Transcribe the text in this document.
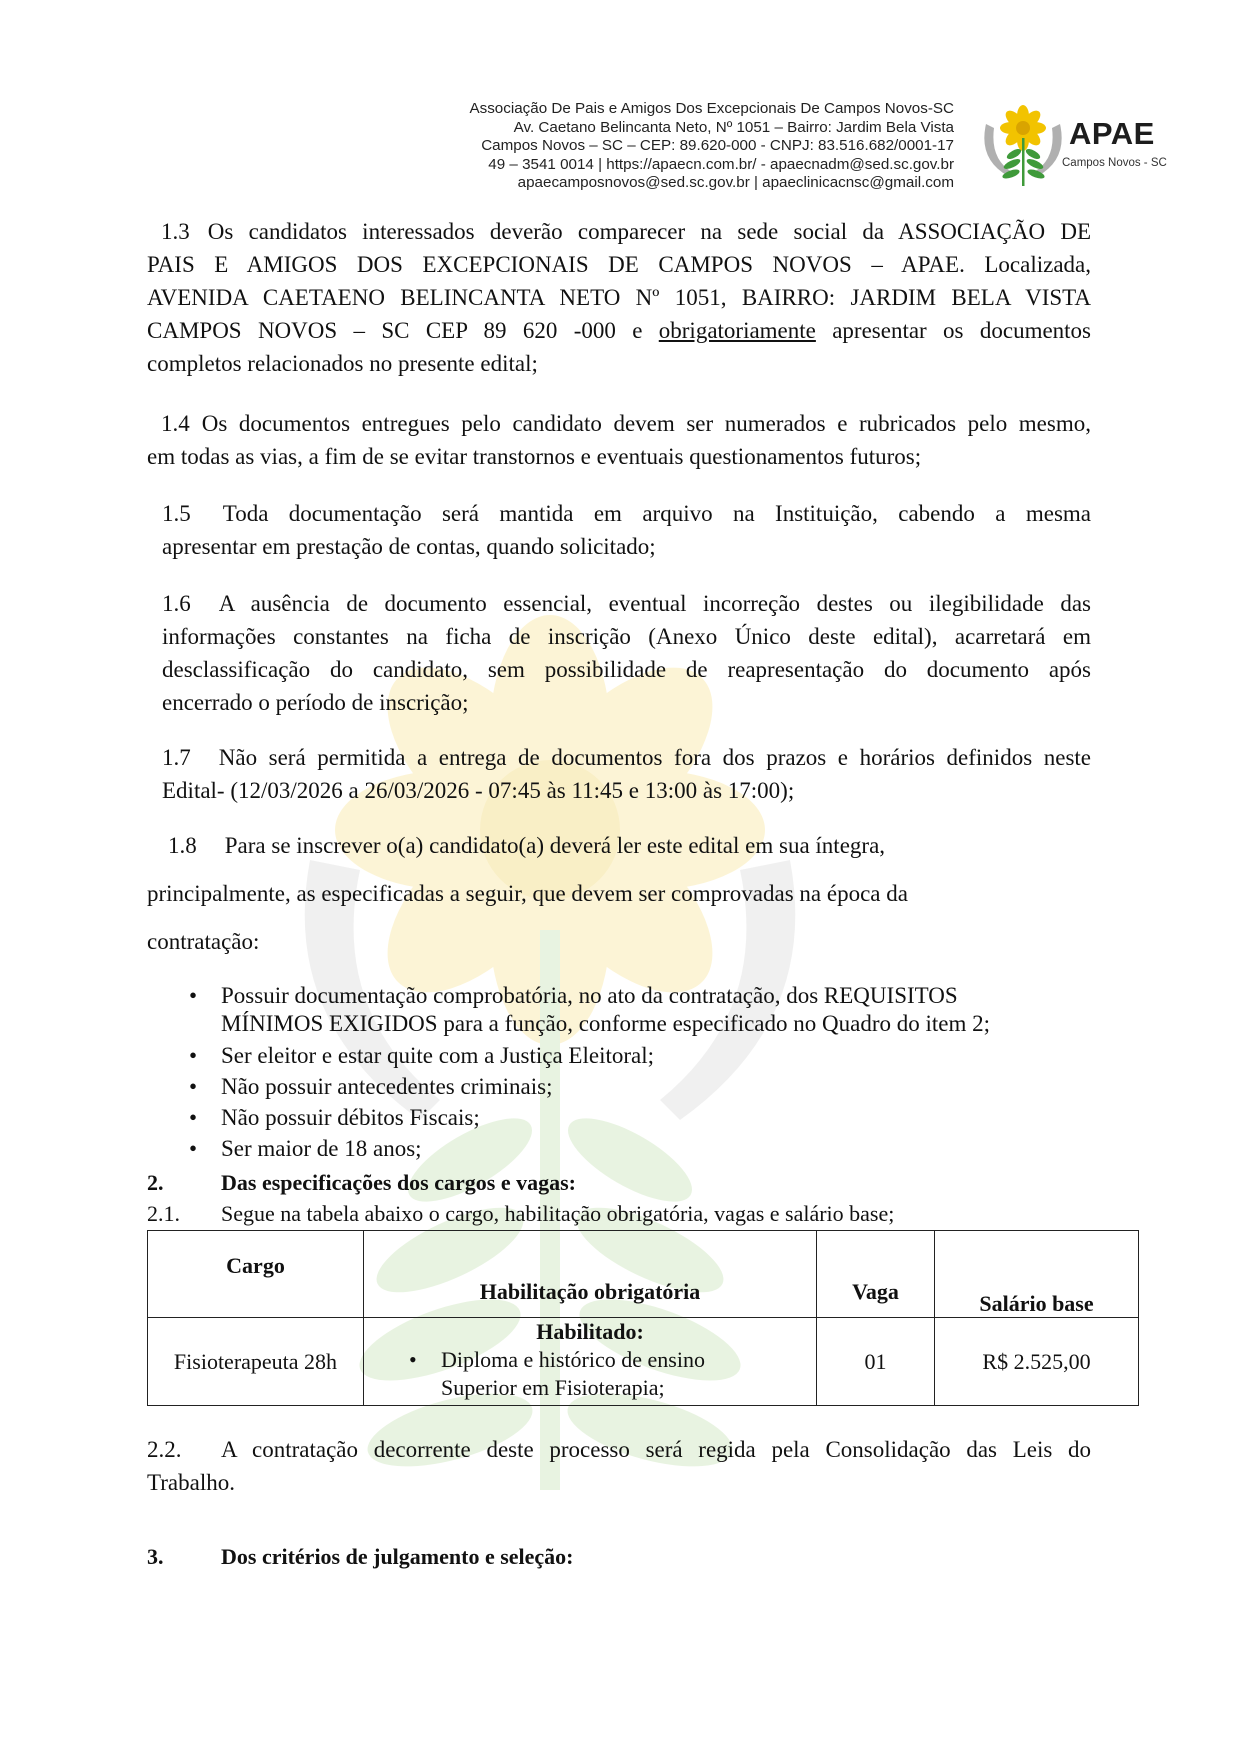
Associação De Pais e Amigos Dos Excepcionais De Campos Novos-SC
Av. Caetano Belincanta Neto, Nº 1051 – Bairro: Jardim Bela Vista
Campos Novos – SC – CEP: 89.620-000 - CNPJ: 83.516.682/0001-17
49 – 3541 0014 | https://apaecn.com.br/ - apaecnadm@sed.sc.gov.br
apaecamposnovos@sed.sc.gov.br | apaeclinicacnsc@gmail.com
APAE
Campos Novos - SC
1.3 Os candidatos interessados deverão comparecer na sede social da ASSOCIAÇÃO DE
PAIS E AMIGOS DOS EXCEPCIONAIS DE CAMPOS NOVOS – APAE. Localizada,
AVENIDA CAETAENO BELINCANTA NETO Nº 1051, BAIRRO: JARDIM BELA VISTA
CAMPOS NOVOS – SC CEP 89 620 -000 e obrigatoriamente apresentar os documentos
completos relacionados no presente edital;
1.4 Os documentos entregues pelo candidato devem ser numerados e rubricados pelo mesmo,
em todas as vias, a fim de se evitar transtornos e eventuais questionamentos futuros;
1.5 Toda documentação será mantida em arquivo na Instituição, cabendo a mesma
apresentar em prestação de contas, quando solicitado;
1.6 A ausência de documento essencial, eventual incorreção destes ou ilegibilidade das
informações constantes na ficha de inscrição (Anexo Único deste edital), acarretará em
desclassificação do candidato, sem possibilidade de reapresentação do documento após
encerrado o período de inscrição;
1.7 Não será permitida a entrega de documentos fora dos prazos e horários definidos neste
Edital- (12/03/2026 a 26/03/2026 - 07:45 às 11:45 e 13:00 às 17:00);
1.8 Para se inscrever o(a) candidato(a) deverá ler este edital em sua íntegra,
principalmente, as especificadas a seguir, que devem ser comprovadas na época da
contratação:
• Possuir documentação comprobatória, no ato da contratação, dos REQUISITOS
MÍNIMOS EXIGIDOS para a função, conforme especificado no Quadro do item 2;
• Ser eleitor e estar quite com a Justiça Eleitoral;
• Não possuir antecedentes criminais;
• Não possuir débitos Fiscais;
• Ser maior de 18 anos;
2.	Das especificações dos cargos e vagas:
2.1. Segue na tabela abaixo o cargo, habilitação obrigatória, vagas e salário base;
Cargo	Habilitação obrigatória	Vaga	Salário base
Fisioterapeuta 28h	Habilitado:
• Diploma e histórico de ensino
Superior em Fisioterapia;	01	R$ 2.525,00
2.2. A contratação decorrente deste processo será regida pela Consolidação das Leis do
Trabalho.
3.	Dos critérios de julgamento e seleção:
